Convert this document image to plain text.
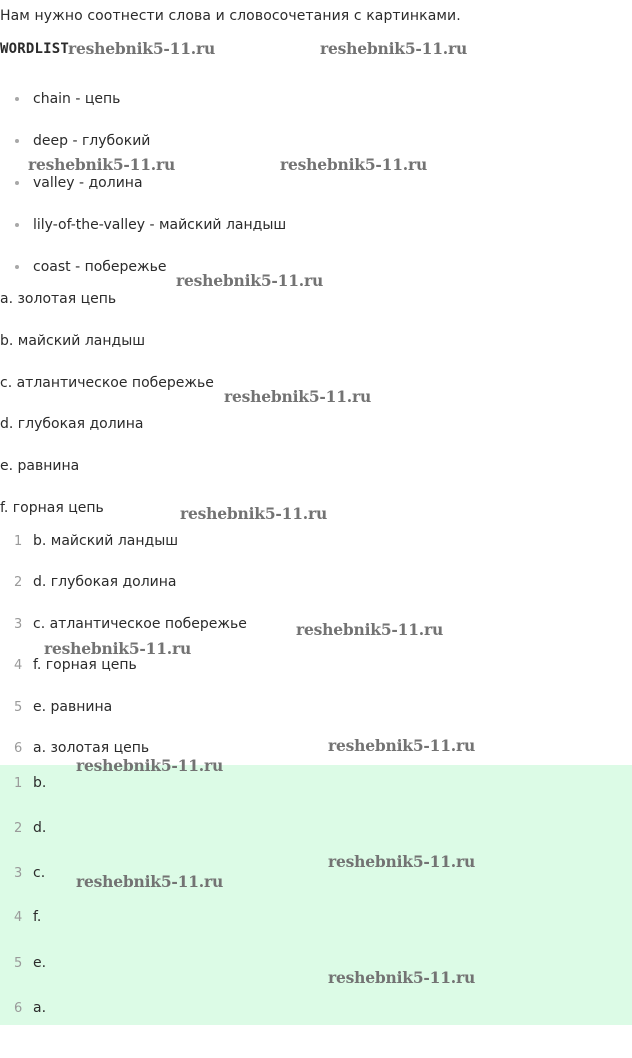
Нам нужно соотнести слова и словосочетания с картинками.
WORDLIST
chain - цепь
deep - глубокий
valley - долина
lily-of-the-valley - майский ландыш
coast - побережье
a. золотая цепь
b. майский ландыш
c. атлантическое побережье
d. глубокая долина
e. равнина
f. горная цепь
1 b. майский ландыш
2 d. глубокая долина
3 c. атлантическое побережье
4 f. горная цепь
5 e. равнина
6 a. золотая цепь
1 b.
2 d.
3 c.
4 f.
5 e.
6 a.
reshebnik5-11.ru	reshebnik5-11.ru
reshebnik5-11.ru	reshebnik5-11.ru
reshebnik5-11.ru
reshebnik5-11.ru
reshebnik5-11.ru
reshebnik5-11.ru
reshebnik5-11.ru
reshebnik5-11.ru
reshebnik5-11.ru
reshebnik5-11.ru
reshebnik5-11.ru
reshebnik5-11.ru
